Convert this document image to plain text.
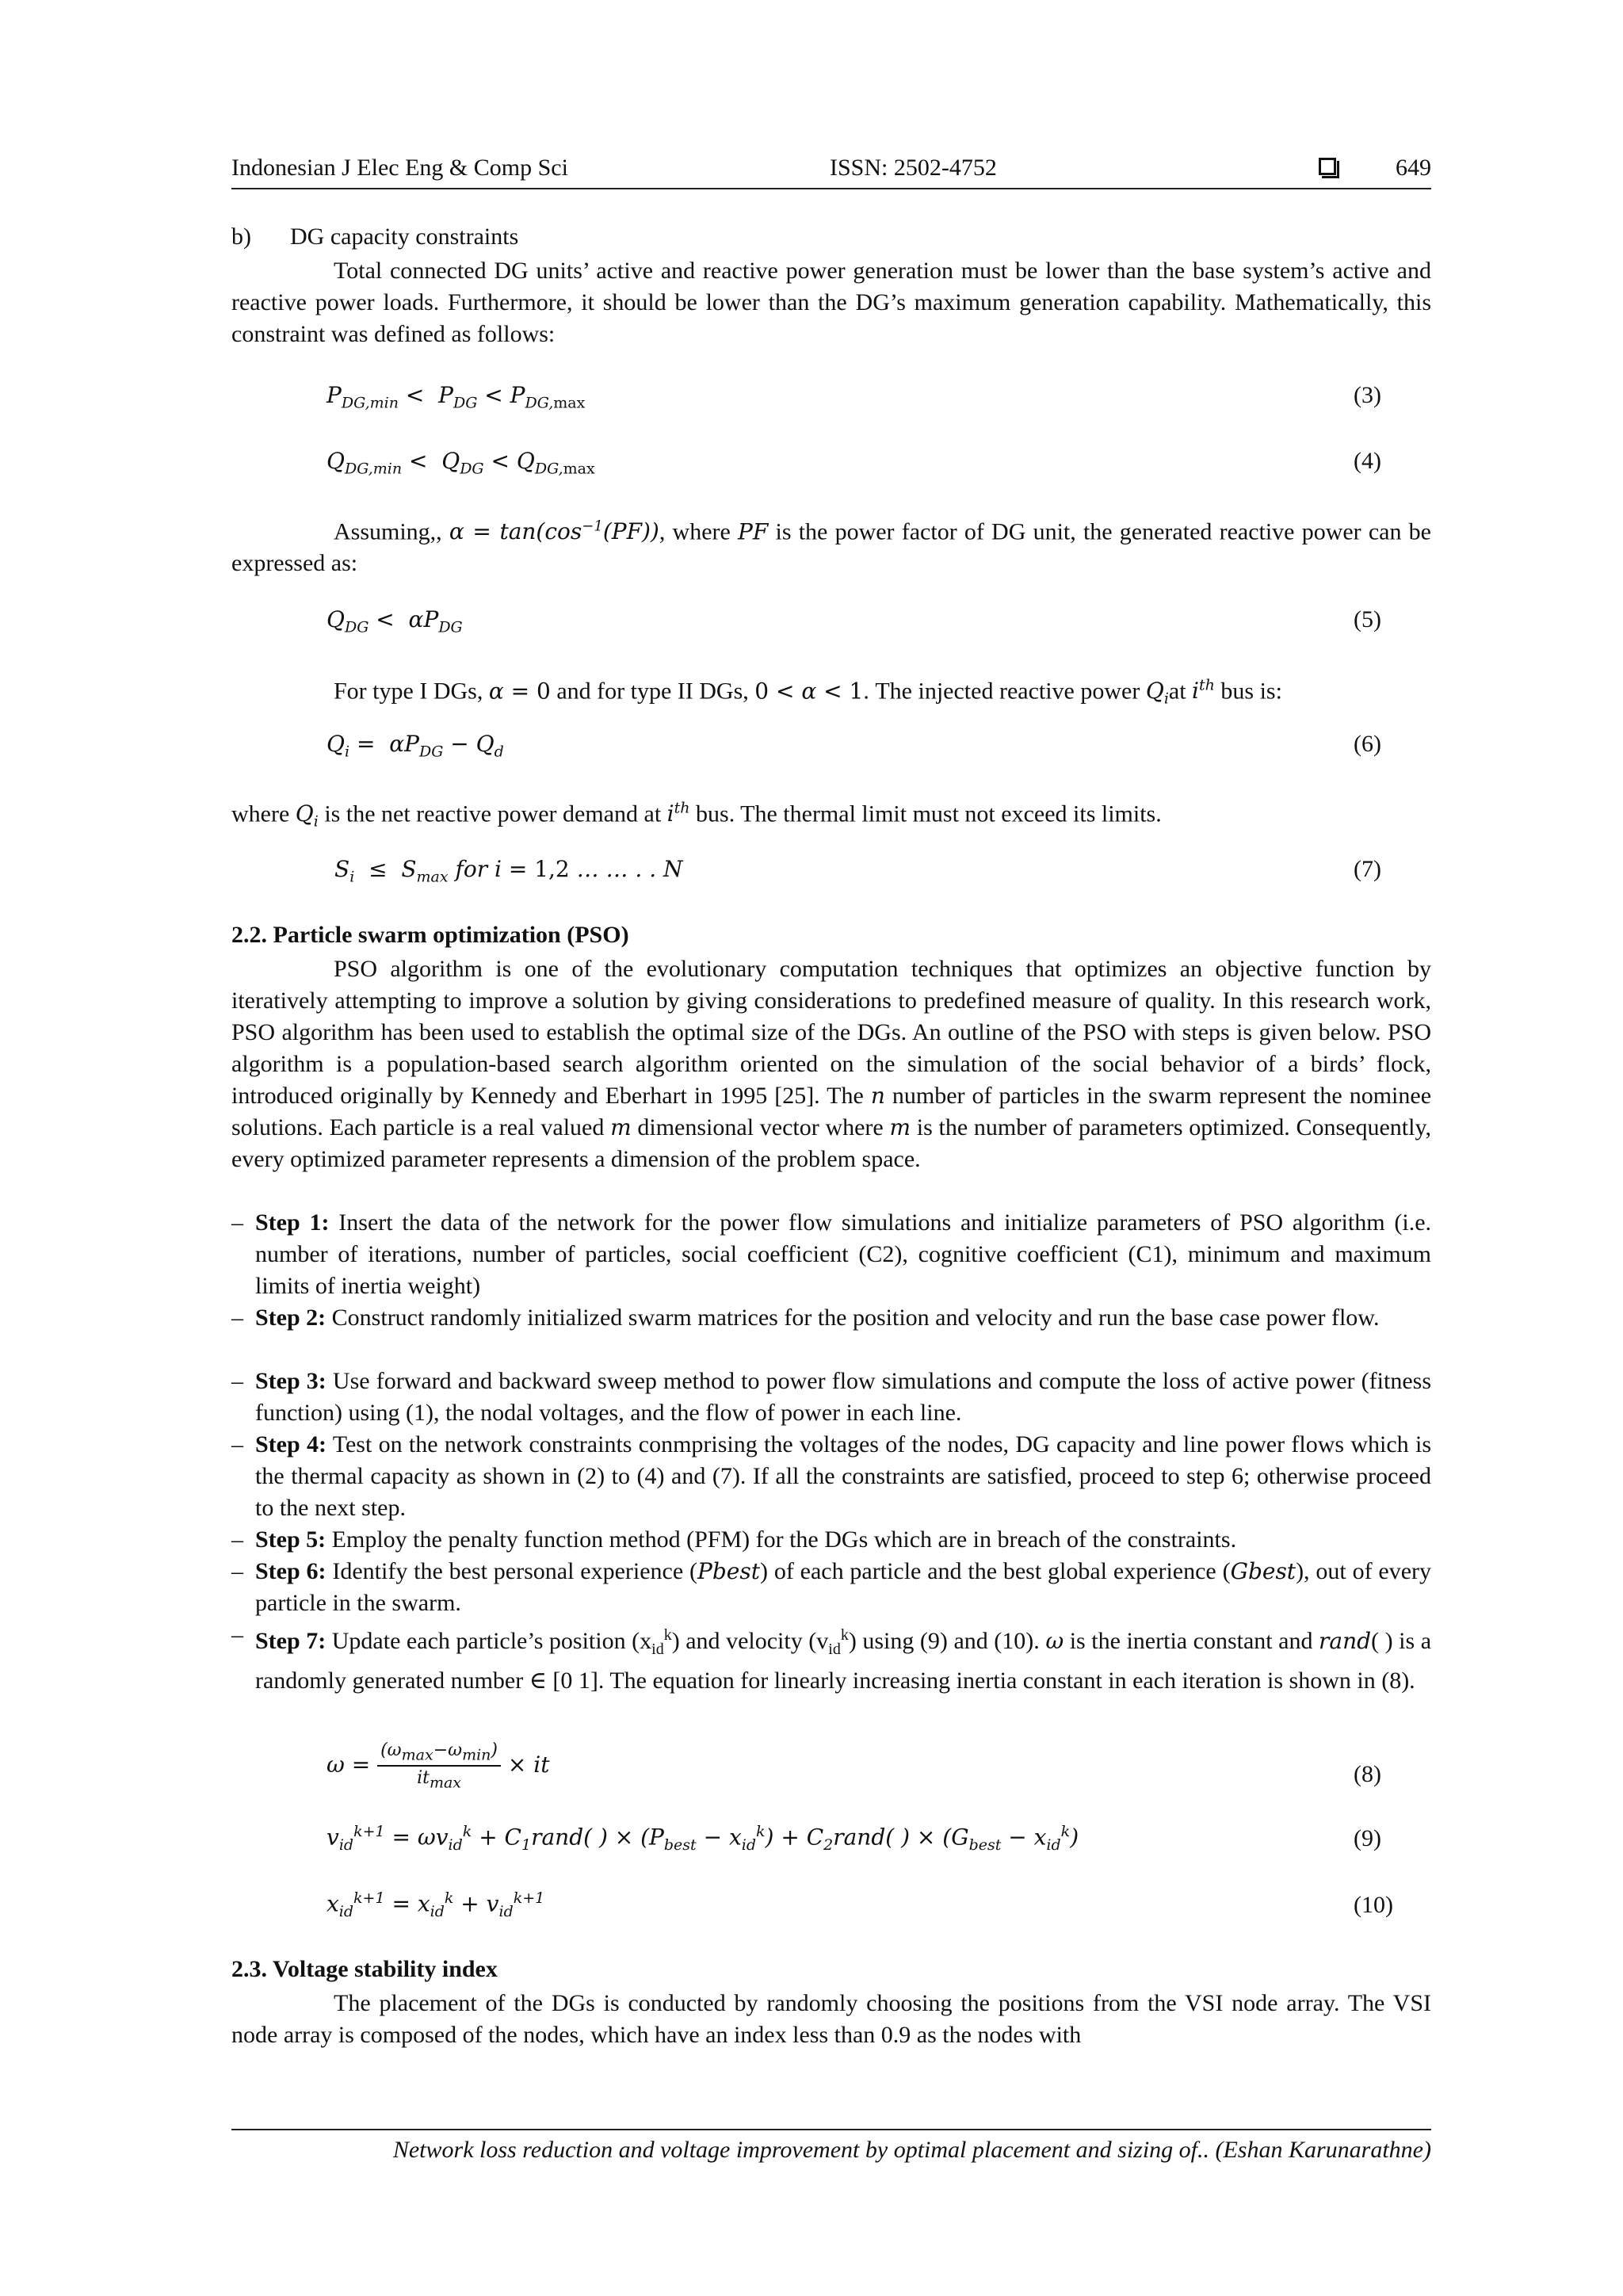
Indonesian J Elec Eng & Comp Sci	ISSN: 2502-4752	649
b) DG capacity constraints
Total connected DG units’ active and reactive power generation must be lower than the base system’s active and reactive power loads. Furthermore, it should be lower than the DG’s maximum generation capability. Mathematically, this constraint was defined as follows:
$P_{DG,min} < P_{DG} < P_{DG,max}$	(3)
$Q_{DG,min} < Q_{DG} < Q_{DG,max}$	(4)
Assuming,, $\alpha = \tan(\cos^{-1}(PF))$, where PF is the power factor of DG unit, the generated reactive power can be expressed as:
$Q_{DG} < \alpha P_{DG}$	(5)
For type I DGs, α = 0 and for type II DGs, 0 < α < 1. The injected reactive power $Q_iat$ $i^{th}$ bus is:
$Q_i = \alpha P_{DG} - Q_d$	(6)
where $Q_i$ is the net reactive power demand at $i^{th}$ bus. The thermal limit must not exceed its limits.
$S_i \le S_{max}$ for i = 1,2 … … . . N	(7)
2.2. Particle swarm optimization (PSO)
PSO algorithm is one of the evolutionary computation techniques that optimizes an objective function by iteratively attempting to improve a solution by giving considerations to predefined measure of quality. In this research work, PSO algorithm has been used to establish the optimal size of the DGs. An outline of the PSO with steps is given below. PSO algorithm is a population-based search algorithm oriented on the simulation of the social behavior of a birds’ flock, introduced originally by Kennedy and Eberhart in 1995 [25]. The n number of particles in the swarm represent the nominee solutions. Each particle is a real valued m dimensional vector where m is the number of parameters optimized. Consequently, every optimized parameter represents a dimension of the problem space.
– Step 1: Insert the data of the network for the power flow simulations and initialize parameters of PSO algorithm (i.e. number of iterations, number of particles, social coefficient (C2), cognitive coefficient (C1), minimum and maximum limits of inertia weight)
– Step 2: Construct randomly initialized swarm matrices for the position and velocity and run the base case power flow.
– Step 3: Use forward and backward sweep method to power flow simulations and compute the loss of active power (fitness function) using (1), the nodal voltages, and the flow of power in each line.
– Step 4: Test on the network constraints conmprising the voltages of the nodes, DG capacity and line power flows which is the thermal capacity as shown in (2) to (4) and (7). If all the constraints are satisfied, proceed to step 6; otherwise proceed to the next step.
– Step 5: Employ the penalty function method (PFM) for the DGs which are in breach of the constraints.
– Step 6: Identify the best personal experience (Pbest) of each particle and the best global experience (Gbest), out of every particle in the swarm.
– Step 7: Update each particle’s position $(x_{id}^k)$ and velocity $(v_{id}^k)$ using (9) and (10). ω is the inertia constant and rand( ) is a randomly generated number ∈ [0 1]. The equation for linearly increasing inertia constant in each iteration is shown in (8).
$\omega = \frac{(\omega_{max}-\omega_{min})}{it_{max}}$ × it	(8)
$v_{id}^{k+1} = \omega v_{id}^k$ + $C_1rand$( ) × $(P_{best} - x_{id}^k)$ + $C_2rand$( ) × $(G_{best} - x_{id}^k)$	(9)
$x_{id}^{k+1} = x_{id}^k + v_{id}^{k+1}$	(10)
2.3. Voltage stability index
The placement of the DGs is conducted by randomly choosing the positions from the VSI node array. The VSI node array is composed of the nodes, which have an index less than 0.9 as the nodes with
Network loss reduction and voltage improvement by optimal placement and sizing of.. (Eshan Karunarathne)
